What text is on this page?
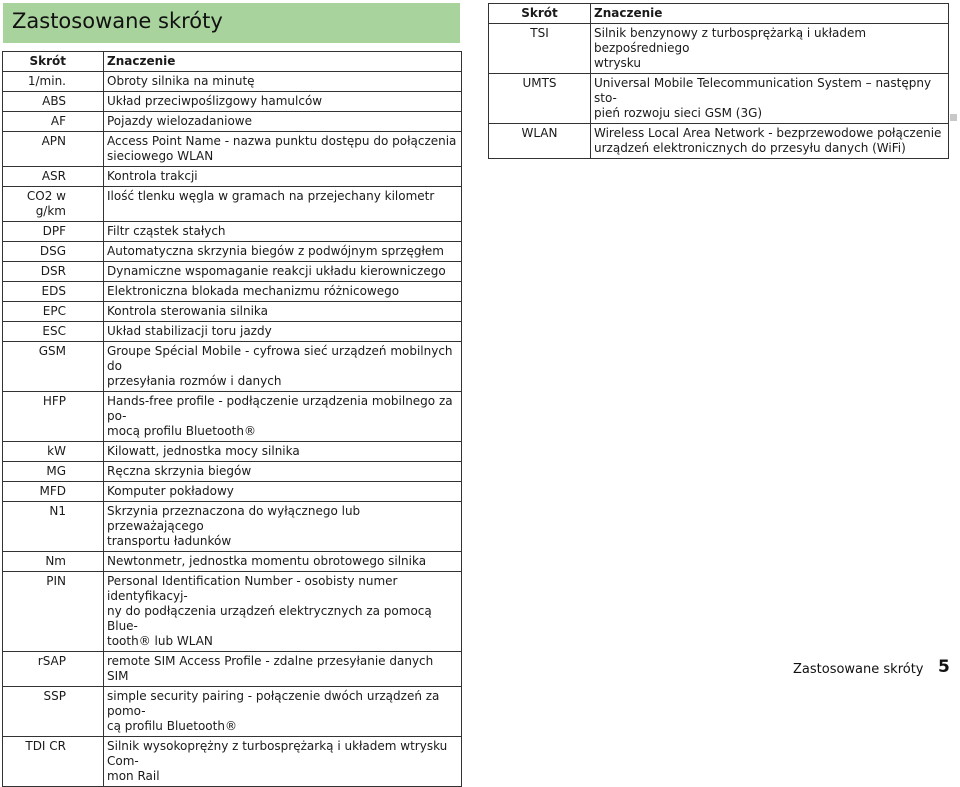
Zastosowane skróty
Skrót	Znaczenie
1/min.	Obroty silnika na minutę
ABS	Układ przeciwpoślizgowy hamulców
AF	Pojazdy wielozadaniowe
APN	Access Point Name - nazwa punktu dostępu do połączenia
sieciowego WLAN
ASR	Kontrola trakcji
CO2 w g/km	Ilość tlenku węgla w gramach na przejechany kilometr
DPF	Filtr cząstek stałych
DSG	Automatyczna skrzynia biegów z podwójnym sprzęgłem
DSR	Dynamiczne wspomaganie reakcji układu kierowniczego
EDS	Elektroniczna blokada mechanizmu różnicowego
EPC	Kontrola sterowania silnika
ESC	Układ stabilizacji toru jazdy
GSM	Groupe Spécial Mobile - cyfrowa sieć urządzeń mobilnych do
przesyłania rozmów i danych
HFP	Hands-free profile - podłączenie urządzenia mobilnego za po-
mocą profilu Bluetooth®
kW	Kilowatt, jednostka mocy silnika
MG	Ręczna skrzynia biegów
MFD	Komputer pokładowy
N1	Skrzynia przeznaczona do wyłącznego lub przeważającego
transportu ładunków
Nm	Newtonmetr, jednostka momentu obrotowego silnika
PIN	Personal Identification Number - osobisty numer identyfikacyj-
ny do podłączenia urządzeń elektrycznych za pomocą Blue-
tooth® lub WLAN
rSAP	remote SIM Access Profile - zdalne przesyłanie danych SIM
SSP	simple security pairing - połączenie dwóch urządzeń za pomo-
cą profilu Bluetooth®
TDI CR	Silnik wysokoprężny z turbosprężarką i układem wtrysku Com-
mon Rail
Skrót	Znaczenie
TSI	Silnik benzynowy z turbosprężarką i układem bezpośredniego
wtrysku
UMTS	Universal Mobile Telecommunication System – następny sto-
pień rozwoju sieci GSM (3G)
WLAN	Wireless Local Area Network - bezprzewodowe połączenie
urządzeń elektronicznych do przesyłu danych (WiFi)
Zastosowane skróty 5
